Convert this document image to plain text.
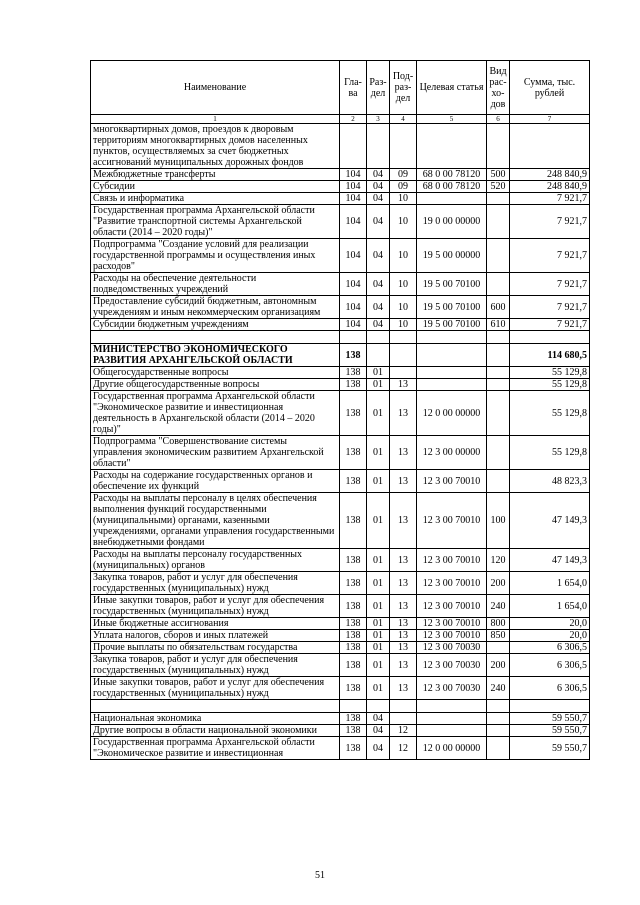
Наименование	Гла-ва	Раз-дел	Под-раз-дел	Целевая статья	Вид рас-хо-дов	Сумма, тыс. рублей
1	2	3	4	5	6	7
многоквартирных домов, проездов к дворовым территориям многоквартирных домов населенных пунктов, осуществляемых за счет бюджетных ассигнований муниципальных дорожных фондов						
Межбюджетные трансферты	104	04	09	68 0 00 78120	500	248 840,9
Субсидии	104	04	09	68 0 00 78120	520	248 840,9
Связь и информатика	104	04	10			7 921,7
Государственная программа Архангельской области "Развитие транспортной системы Архангельской области (2014 – 2020 годы)"	104	04	10	19 0 00 00000		7 921,7
Подпрограмма "Создание условий для реализации государственной программы и осуществления иных расходов"	104	04	10	19 5 00 00000		7 921,7
Расходы на обеспечение деятельности подведомственных учреждений	104	04	10	19 5 00 70100		7 921,7
Предоставление субсидий бюджетным, автономным учреждениям и иным некоммерческим организациям	104	04	10	19 5 00 70100	600	7 921,7
Субсидии бюджетным учреждениям	104	04	10	19 5 00 70100	610	7 921,7

МИНИСТЕРСТВО ЭКОНОМИЧЕСКОГО РАЗВИТИЯ АРХАНГЕЛЬСКОЙ ОБЛАСТИ	138					114 680,5
Общегосударственные вопросы	138	01				55 129,8
Другие общегосударственные вопросы	138	01	13			55 129,8
Государственная программа Архангельской области "Экономическое развитие и инвестиционная деятельность в Архангельской области (2014 – 2020 годы)"	138	01	13	12 0 00 00000		55 129,8
Подпрограмма "Совершенствование системы управления экономическим развитием Архангельской области"	138	01	13	12 3 00 00000		55 129,8
Расходы на содержание государственных органов и обеспечение их функций	138	01	13	12 3 00 70010		48 823,3
Расходы на выплаты персоналу в целях обеспечения выполнения функций государственными (муниципальными) органами, казенными учреждениями, органами управления государственными внебюджетными фондами	138	01	13	12 3 00 70010	100	47 149,3
Расходы на выплаты персоналу государственных (муниципальных) органов	138	01	13	12 3 00 70010	120	47 149,3
Закупка товаров, работ и услуг для обеспечения государственных (муниципальных) нужд	138	01	13	12 3 00 70010	200	1 654,0
Иные закупки товаров, работ и услуг для обеспечения государственных (муниципальных) нужд	138	01	13	12 3 00 70010	240	1 654,0
Иные бюджетные ассигнования	138	01	13	12 3 00 70010	800	20,0
Уплата налогов, сборов и иных платежей	138	01	13	12 3 00 70010	850	20,0
Прочие выплаты по обязательствам государства	138	01	13	12 3 00 70030		6 306,5
Закупка товаров, работ и услуг для обеспечения государственных (муниципальных) нужд	138	01	13	12 3 00 70030	200	6 306,5
Иные закупки товаров, работ и услуг для обеспечения государственных (муниципальных) нужд	138	01	13	12 3 00 70030	240	6 306,5

Национальная экономика	138	04				59 550,7
Другие вопросы в области национальной экономики	138	04	12			59 550,7
Государственная программа Архангельской области "Экономическое развитие и инвестиционная	138	04	12	12 0 00 00000		59 550,7
51
